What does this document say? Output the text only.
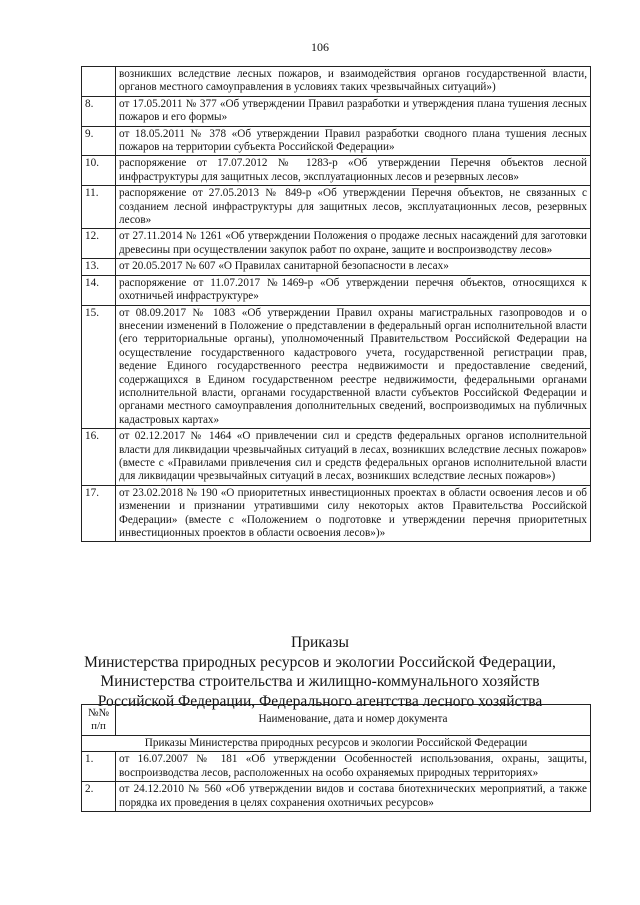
106
	возникших вследствие лесных пожаров, и взаимодействия органов государственной власти, органов местного самоуправления в условиях таких чрезвычайных ситуаций»)
8.	от 17.05.2011 № 377 «Об утверждении Правил разработки и утверждения плана тушения лесных пожаров и его формы»
9.	от 18.05.2011 № 378 «Об утверждении Правил разработки сводного плана тушения лесных пожаров на территории субъекта Российской Федерации»
10.	распоряжение от 17.07.2012 № 1283-р «Об утверждении Перечня объектов лесной инфраструктуры для защитных лесов, эксплуатационных лесов и резервных лесов»
11.	распоряжение от 27.05.2013 № 849-р «Об утверждении Перечня объектов, не связанных с созданием лесной инфраструктуры для защитных лесов, эксплуатационных лесов, резервных лесов»
12.	от 27.11.2014 № 1261 «Об утверждении Положения о продаже лесных насаждений для заготовки древесины при осуществлении закупок работ по охране, защите и воспроизводству лесов»
13.	от 20.05.2017 № 607 «О Правилах санитарной безопасности в лесах»
14.	распоряжение от 11.07.2017 №1469-р «Об утверждении перечня объектов, относящихся к охотничьей инфраструктуре»
15.	от 08.09.2017 № 1083 «Об утверждении Правил охраны магистральных газопроводов и о внесении изменений в Положение о представлении в федеральный орган исполнительной власти (его территориальные органы), уполномоченный Правительством Российской Федерации на осуществление государственного кадастрового учета, государственной регистрации прав, ведение Единого государственного реестра недвижимости и предоставление сведений, содержащихся в Едином государственном реестре недвижимости, федеральными органами исполнительной власти, органами государственной власти субъектов Российской Федерации и органами местного самоуправления дополнительных сведений, воспроизводимых на публичных кадастровых картах»
16.	от 02.12.2017 № 1464 «О привлечении сил и средств федеральных органов исполнительной власти для ликвидации чрезвычайных ситуаций в лесах, возникших вследствие лесных пожаров» (вместе с «Правилами привлечения сил и средств федеральных органов исполнительной власти для ликвидации чрезвычайных ситуаций в лесах, возникших вследствие лесных пожаров»)
17.	от 23.02.2018 № 190 «О приоритетных инвестиционных проектах в области освоения лесов и об изменении и признании утратившими силу некоторых актов Правительства Российской Федерации» (вместе с «Положением о подготовке и утверждении перечня приоритетных инвестиционных проектов в области освоения лесов»)»
Приказы
Министерства природных ресурсов и экологии Российской Федерации,
Министерства строительства и жилищно-коммунального хозяйств
Российской Федерации, Федерального агентства лесного хозяйства
№№ п/п	Наименование, дата и номер документа
Приказы Министерства природных ресурсов и экологии Российской Федерации	
1.	от 16.07.2007 № 181 «Об утверждении Особенностей использования, охраны, защиты, воспроизводства лесов, расположенных на особо охраняемых природных территориях»
2.	от 24.12.2010 № 560 «Об утверждении видов и состава биотехнических мероприятий, а также порядка их проведения в целях сохранения охотничьих ресурсов»
